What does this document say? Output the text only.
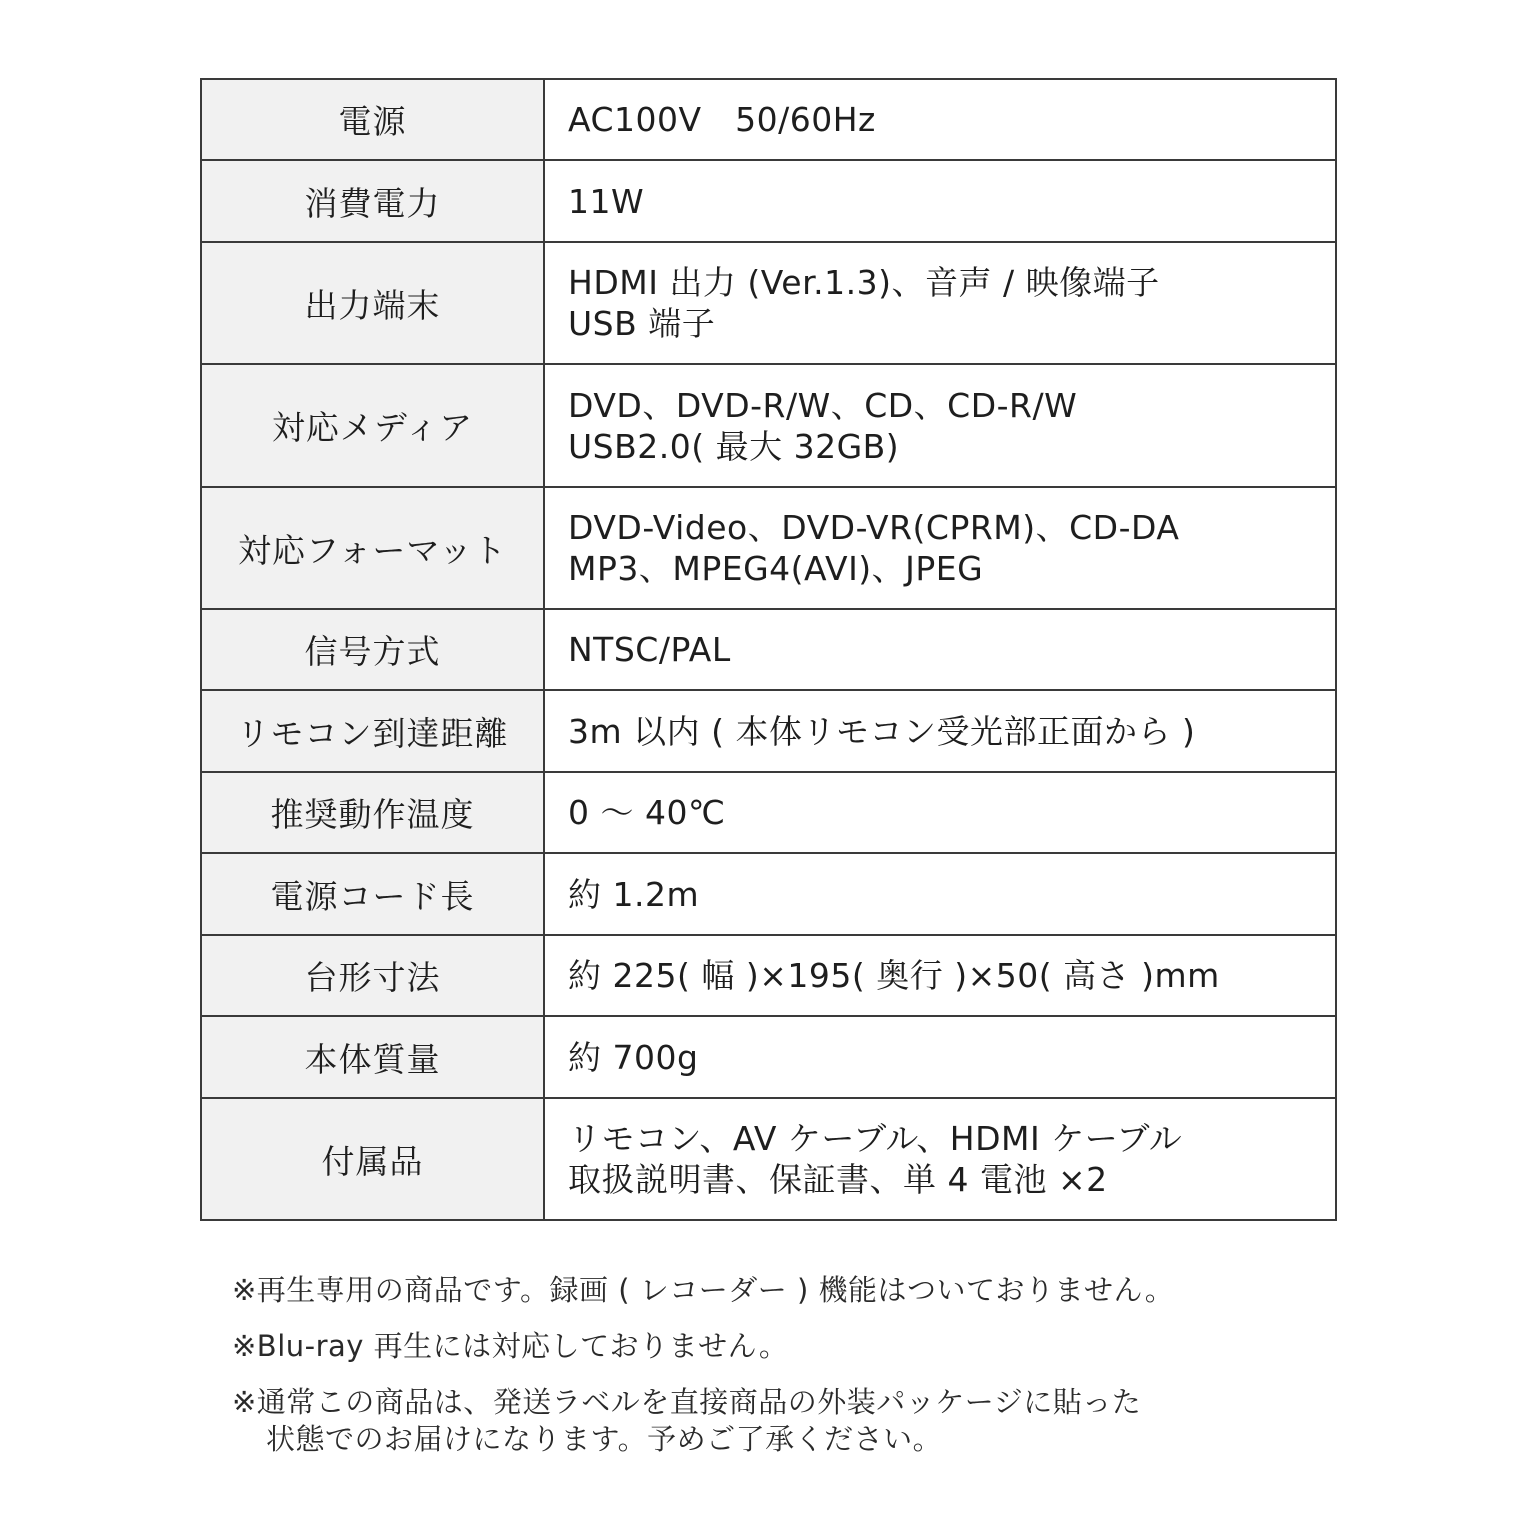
電源	AC100V　50/60Hz

消費電力	11W

出力端末	HDMI 出力 (Ver.1.3)、音声 / 映像端子
USB 端子

対応メディア	DVD、DVD-R/W、CD、CD-R/W
USB2.0( 最大 32GB)

対応フォーマット	DVD-Video、DVD-VR(CPRM)、CD-DA
MP3、MPEG4(AVI)、JPEG

信号方式	NTSC/PAL

リモコン到達距離	3m 以内 ( 本体リモコン受光部正面から )

推奨動作温度	0 ～ 40℃

電源コード長	約 1.2m

台形寸法	約 225( 幅 )×195( 奥行 )×50( 高さ )mm

本体質量	約 700g

付属品	リモコン、AV ケーブル、HDMI ケーブル
取扱説明書、保証書、単 4 電池 ×2

※再生専用の商品です。録画 ( レコーダー ) 機能はついておりません。

※Blu-ray 再生には対応しておりません。

※通常この商品は、発送ラベルを直接商品の外装パッケージに貼った
状態でのお届けになります。予めご了承ください。
